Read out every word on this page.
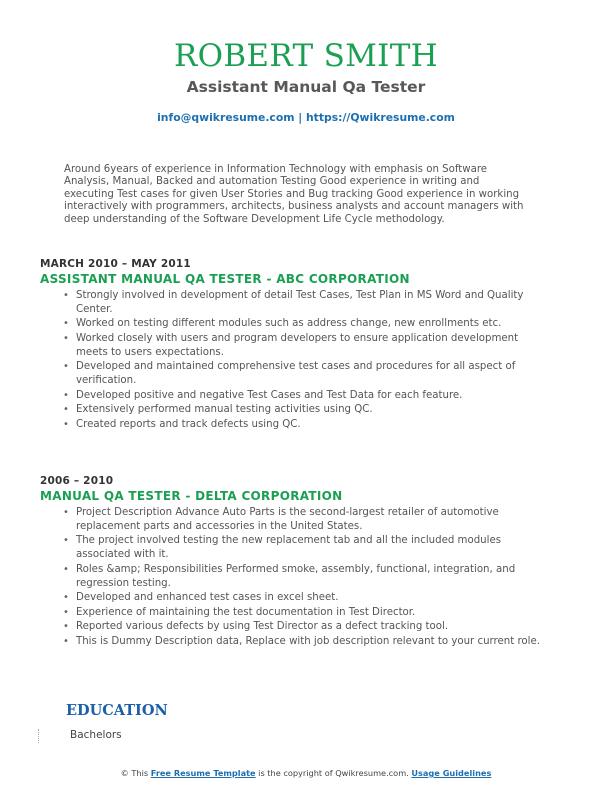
ROBERT SMITH
Assistant Manual Qa Tester
info@qwikresume.com | https://Qwikresume.com
Around 6years of experience in Information Technology with emphasis on Software Analysis, Manual, Backed and automation Testing Good experience in writing and executing Test cases for given User Stories and Bug tracking Good experience in working interactively with programmers, architects, business analysts and account managers with deep understanding of the Software Development Life Cycle methodology.
MARCH 2010 – MAY 2011
ASSISTANT MANUAL QA TESTER - ABC CORPORATION
• Strongly involved in development of detail Test Cases, Test Plan in MS Word and Quality Center.
• Worked on testing different modules such as address change, new enrollments etc.
• Worked closely with users and program developers to ensure application development meets to users expectations.
• Developed and maintained comprehensive test cases and procedures for all aspect of verification.
• Developed positive and negative Test Cases and Test Data for each feature.
• Extensively performed manual testing activities using QC.
• Created reports and track defects using QC.
2006 – 2010
MANUAL QA TESTER - DELTA CORPORATION
• Project Description Advance Auto Parts is the second-largest retailer of automotive replacement parts and accessories in the United States.
• The project involved testing the new replacement tab and all the included modules associated with it.
• Roles &amp; Responsibilities Performed smoke, assembly, functional, integration, and regression testing.
• Developed and enhanced test cases in excel sheet.
• Experience of maintaining the test documentation in Test Director.
• Reported various defects by using Test Director as a defect tracking tool.
• This is Dummy Description data, Replace with job description relevant to your current role.
EDUCATION
Bachelors
© This Free Resume Template is the copyright of Qwikresume.com. Usage Guidelines
